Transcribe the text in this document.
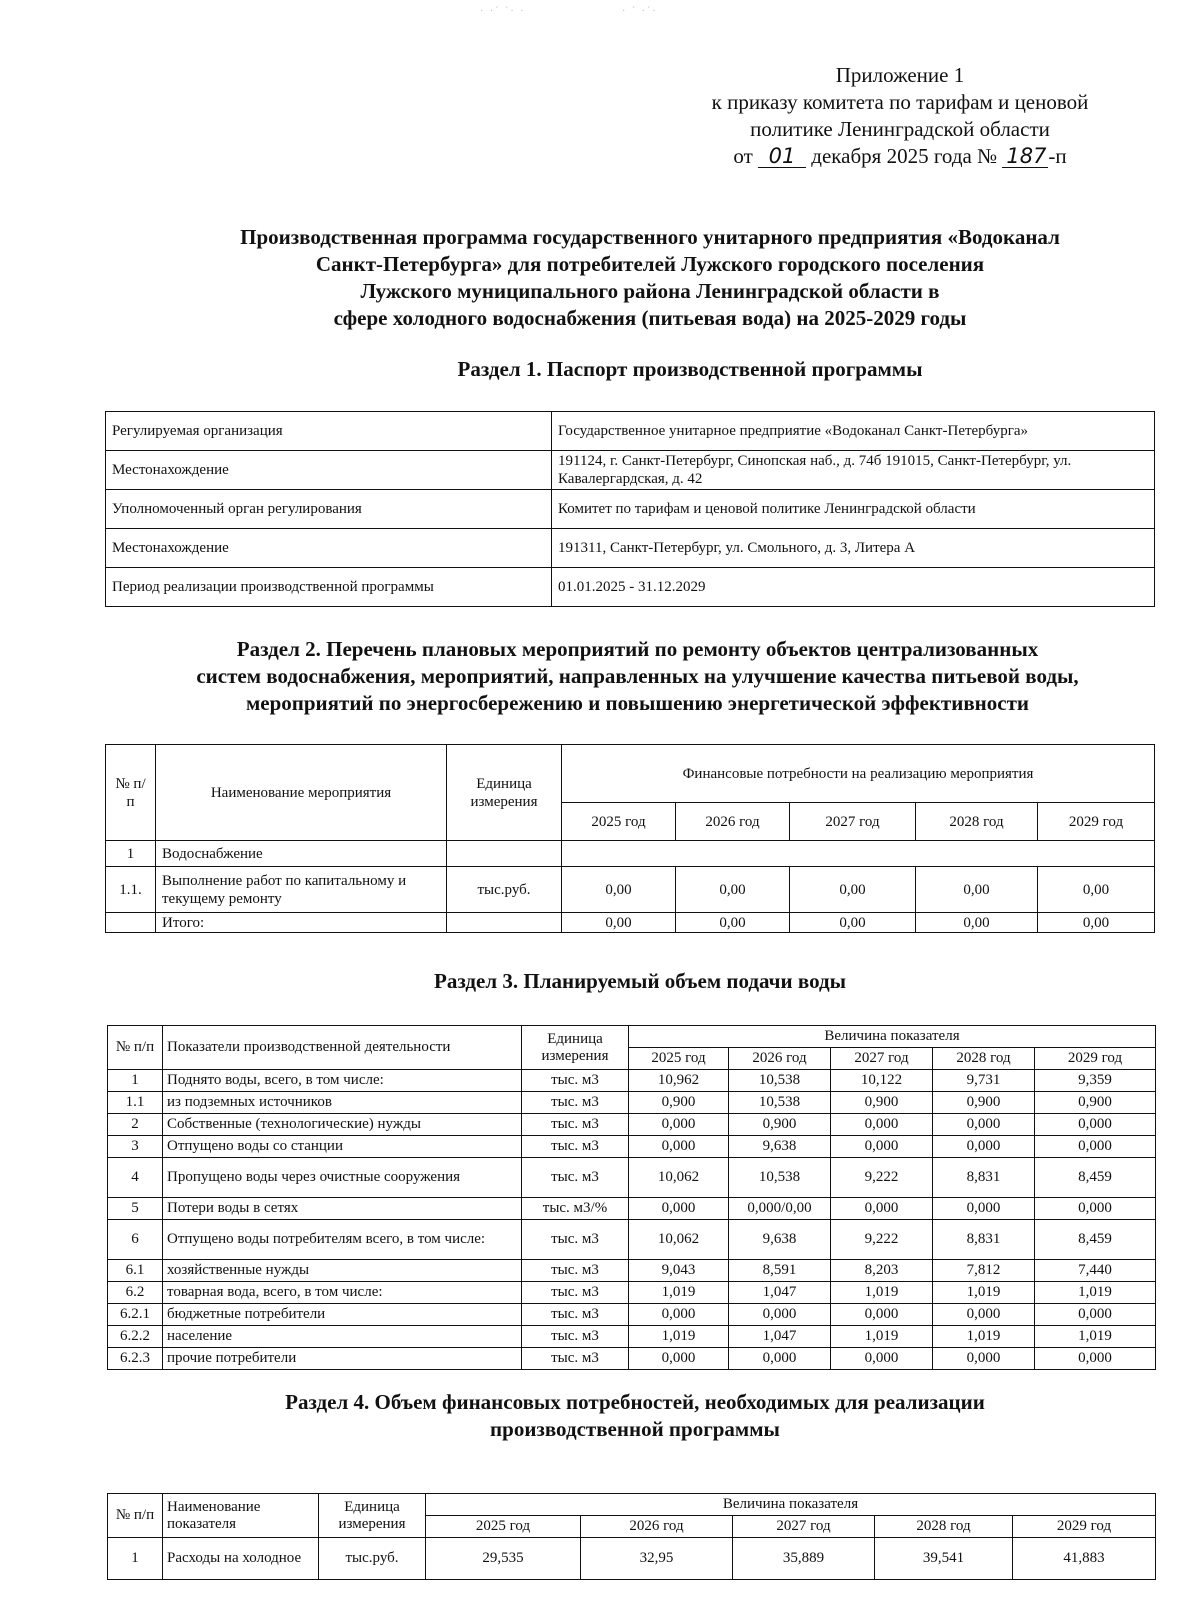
· ·ˊ ˋ· ·	· ˋ ·ˊ·
Приложение 1
к приказу комитета по тарифам и ценовой
политике Ленинградской области
от 01 декабря 2025 года № 187-п
Производственная программа государственного унитарного предприятия «Водоканал
Санкт-Петербурга» для потребителей Лужского городского поселения
Лужского муниципального района Ленинградской области в
сфере холодного водоснабжения (питьевая вода) на 2025-2029 годы
Раздел 1. Паспорт производственной программы
Регулируемая организация	Государственное унитарное предприятие «Водоканал Санкт-Петербурга»
Местонахождение	191124, г. Санкт-Петербург, Синопская наб., д. 74б 191015, Санкт-Петербург, ул. Кавалергардская, д. 42
Уполномоченный орган регулирования	Комитет по тарифам и ценовой политике Ленинградской области
Местонахождение	191311, Санкт-Петербург, ул. Смольного, д. 3, Литера А
Период реализации производственной программы	01.01.2025 - 31.12.2029
Раздел 2. Перечень плановых мероприятий по ремонту объектов централизованных
систем водоснабжения, мероприятий, направленных на улучшение качества питьевой воды,
мероприятий по энергосбережению и повышению энергетической эффективности
№ п/п	Наименование мероприятия	Единица измерения	Финансовые потребности на реализацию мероприятия				
			2025 год	2026 год	2027 год	2028 год	2029 год
1	Водоснабжение						
1.1.	Выполнение работ по капитальному и текущему ремонту	тыс.руб.	0,00	0,00	0,00	0,00	0,00
	Итого:		0,00	0,00	0,00	0,00	0,00
Раздел 3. Планируемый объем подачи воды
№ п/п	Показатели производственной деятельности	Единица измерения	Величина показателя				
			2025 год	2026 год	2027 год	2028 год	2029 год
1	Поднято воды, всего, в том числе:	тыс. м3	10,962	10,538	10,122	9,731	9,359
1.1	из подземных источников	тыс. м3	0,900	10,538	0,900	0,900	0,900
2	Собственные (технологические) нужды	тыс. м3	0,000	0,900	0,000	0,000	0,000
3	Отпущено воды со станции	тыс. м3	0,000	9,638	0,000	0,000	0,000
4	Пропущено воды через очистные сооружения	тыс. м3	10,062	10,538	9,222	8,831	8,459
5	Потери воды в сетях	тыс. м3/%	0,000	0,000/0,00	0,000	0,000	0,000
6	Отпущено воды потребителям всего, в том числе:	тыс. м3	10,062	9,638	9,222	8,831	8,459
6.1	хозяйственные нужды	тыс. м3	9,043	8,591	8,203	7,812	7,440
6.2	товарная вода, всего, в том числе:	тыс. м3	1,019	1,047	1,019	1,019	1,019
6.2.1	бюджетные потребители	тыс. м3	0,000	0,000	0,000	0,000	0,000
6.2.2	население	тыс. м3	1,019	1,047	1,019	1,019	1,019
6.2.3	прочие потребители	тыс. м3	0,000	0,000	0,000	0,000	0,000
Раздел 4. Объем финансовых потребностей, необходимых для реализации
производственной программы
№ п/п	Наименование показателя	Единица измерения	Величина показателя				
			2025 год	2026 год	2027 год	2028 год	2029 год
1	Расходы на холодное	тыс.руб.	29,535	32,95	35,889	39,541	41,883
